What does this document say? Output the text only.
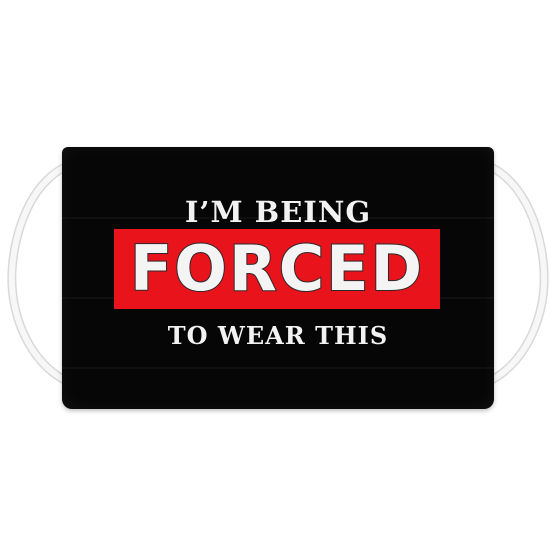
I’M BEING
FORCED
TO WEAR THIS
